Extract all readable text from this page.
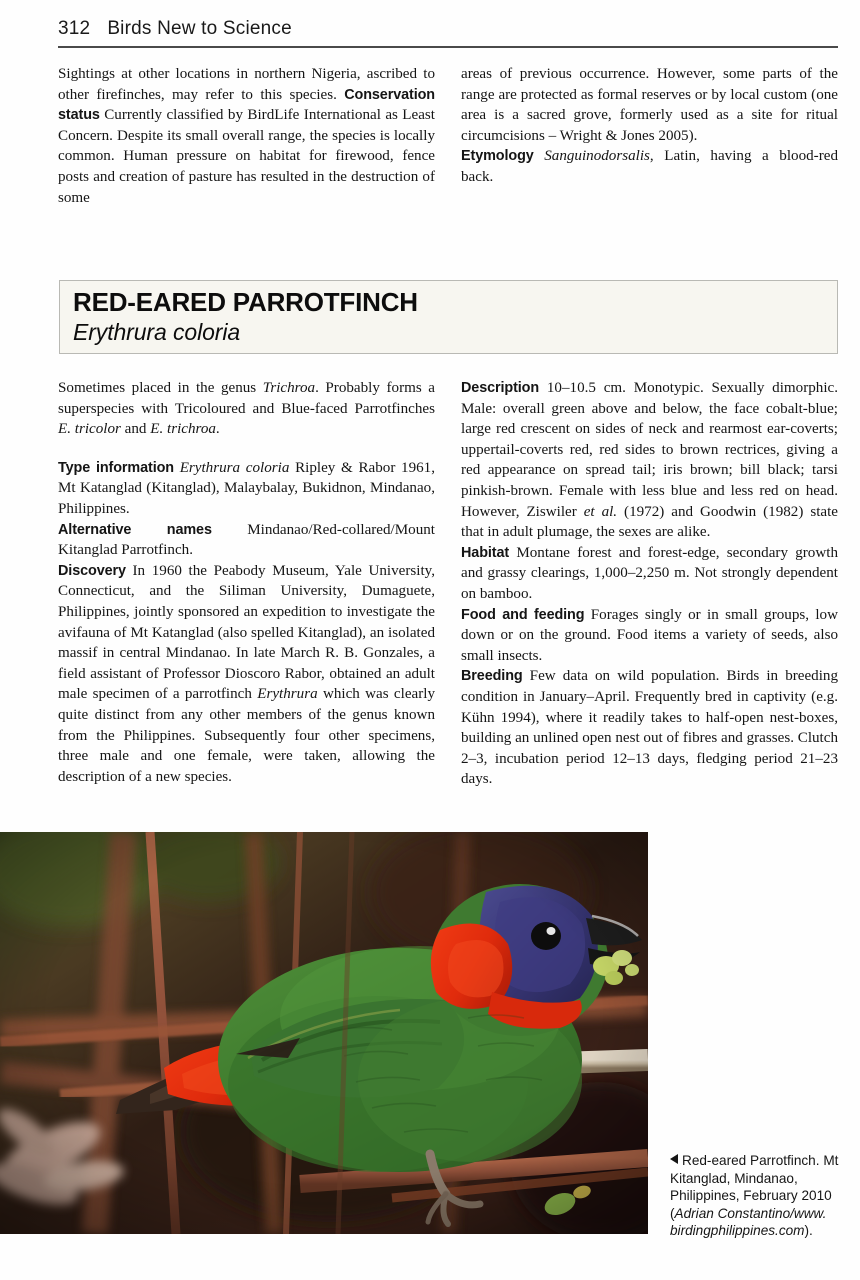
312 Birds New to Science

Sightings at other locations in northern Nigeria, ascribed to other firefinches, may refer to this species. Conservation status Currently classified by BirdLife International as Least Concern. Despite its small overall range, the species is locally common. Human pressure on habitat for firewood, fence posts and creation of pasture has resulted in the destruction of some

areas of previous occurrence. However, some parts of the range are protected as formal reserves or by local custom (one area is a sacred grove, formerly used as a site for ritual circumcisions – Wright & Jones 2005).

Etymology Sanguinodorsalis, Latin, having a blood-red back.

RED-EARED PARROTFINCH
Erythrura coloria

Sometimes placed in the genus Trichroa. Probably forms a superspecies with Tricoloured and Blue-faced Parrotfinches E. tricolor and E. trichroa.

Type information Erythrura coloria Ripley & Rabor 1961, Mt Katanglad (Kitanglad), Malaybalay, Bukidnon, Mindanao, Philippines.

Alternative names Mindanao/Red-collared/Mount Kitanglad Parrotfinch.

Discovery In 1960 the Peabody Museum, Yale University, Connecticut, and the Siliman University, Dumaguete, Philippines, jointly sponsored an expedition to investigate the avifauna of Mt Katanglad (also spelled Kitanglad), an isolated massif in central Mindanao. In late March R. B. Gonzales, a field assistant of Professor Dioscoro Rabor, obtained an adult male specimen of a parrotfinch Erythrura which was clearly quite distinct from any other members of the genus known from the Philippines. Subsequently four other specimens, three male and one female, were taken, allowing the description of a new species.

Description 10–10.5 cm. Monotypic. Sexually dimorphic. Male: overall green above and below, the face cobalt-blue; large red crescent on sides of neck and rearmost ear-coverts; uppertail-coverts red, red sides to brown rectrices, giving a red appearance on spread tail; iris brown; bill black; tarsi pinkish-brown. Female with less blue and less red on head. However, Ziswiler et al. (1972) and Goodwin (1982) state that in adult plumage, the sexes are alike.

Habitat Montane forest and forest-edge, secondary growth and grassy clearings, 1,000–2,250 m. Not strongly dependent on bamboo.

Food and feeding Forages singly or in small groups, low down or on the ground. Food items a variety of seeds, also small insects.

Breeding Few data on wild population. Birds in breeding condition in January–April. Frequently bred in captivity (e.g. Kühn 1994), where it readily takes to half-open nest-boxes, building an unlined open nest out of fibres and grasses. Clutch 2–3, incubation period 12–13 days, fledging period 21–23 days.

Red-eared Parrotfinch. Mt Kitanglad, Mindanao, Philippines, February 2010 (Adrian Constantino/www. birdingphilippines.com).
